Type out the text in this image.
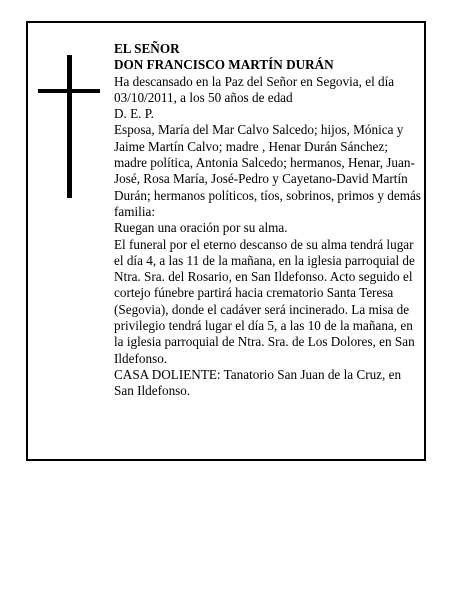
EL SEÑOR

DON FRANCISCO MARTÍN DURÁN

Ha descansado en la Paz del Señor en Segovia, el día 03/10/2011, a los 50 años de edad

D. E. P.

Esposa, María del Mar Calvo Salcedo; hijos, Mónica y Jaime Martín Calvo; madre , Henar Durán Sánchez; madre política, Antonia Salcedo; hermanos, Henar, Juan-José, Rosa María, José-Pedro y Cayetano-David Martín Durán; hermanos políticos, tíos, sobrinos, primos y demás familia:

Ruegan una oración por su alma.

El funeral por el eterno descanso de su alma tendrá lugar el día 4, a las 11 de la mañana, en la iglesia parroquial de Ntra. Sra. del Rosario, en San Ildefonso. Acto seguido el cortejo fúnebre partirá hacia crematorio Santa Teresa (Segovia), donde el cadáver será incinerado. La misa de privilegio tendrá lugar el día 5, a las 10 de la mañana, en la iglesia parroquial de Ntra. Sra. de Los Dolores, en San Ildefonso.

CASA DOLIENTE: Tanatorio San Juan de la Cruz, en San Ildefonso.
